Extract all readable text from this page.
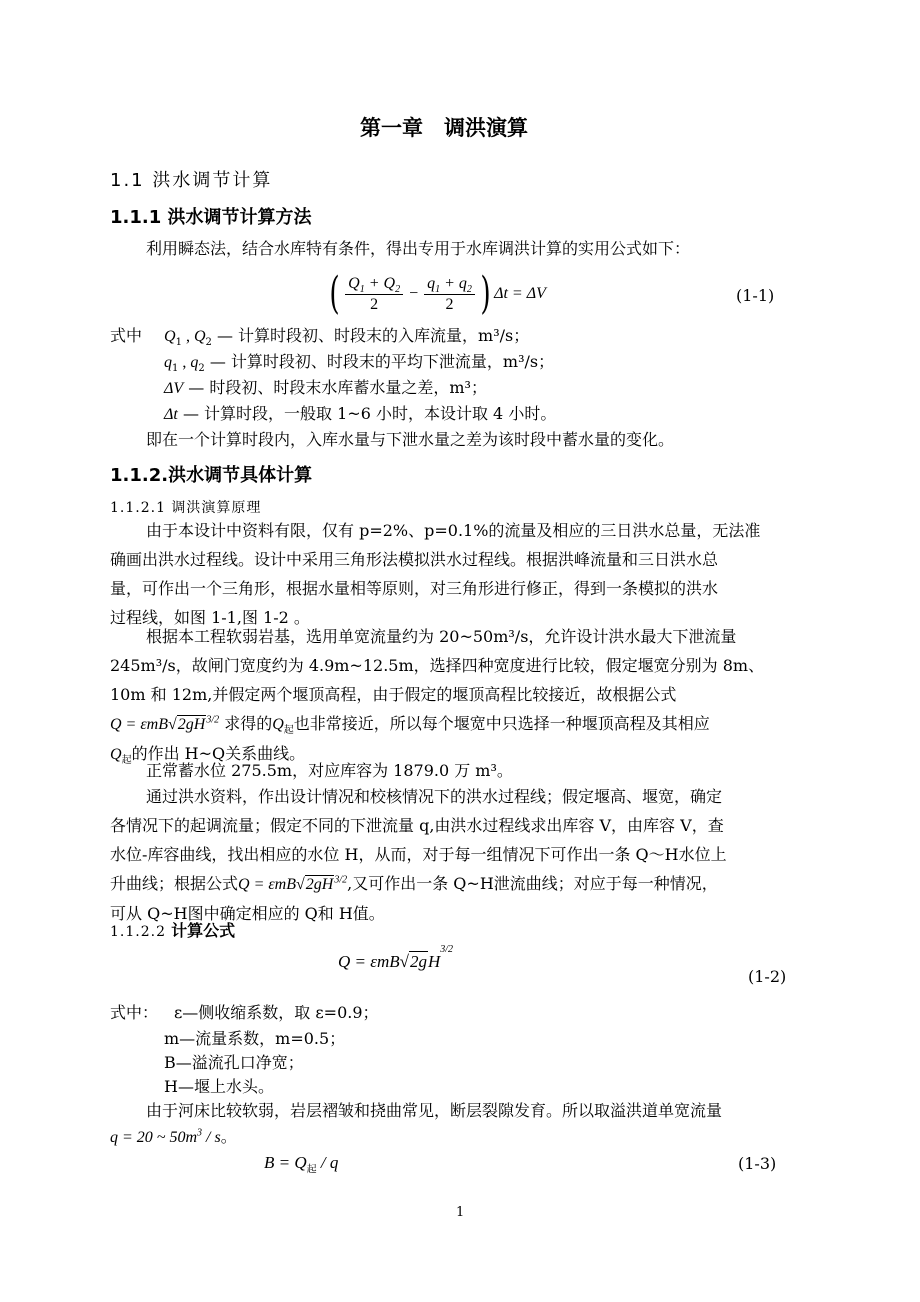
第一章　调洪演算
1.1 洪水调节计算
1.1.1 洪水调节计算方法
利用瞬态法，结合水库特有条件，得出专用于水库调洪计算的实用公式如下：
( $\frac{Q_1 + Q_2}{2} - \frac{q_1 + q_2}{2}$ ) Δt = ΔV	(1-1)
式中 $Q_1$ , $Q_2$ — 计算时段初、时段末的入库流量，m³/s；
$q_1$ , $q_2$ — 计算时段初、时段末的平均下泄流量，m³/s；
ΔV — 时段初、时段末水库蓄水量之差，m³；
Δt — 计算时段，一般取 1~6 小时，本设计取 4 小时。
即在一个计算时段内，入库水量与下泄水量之差为该时段中蓄水量的变化。
1.1.2.洪水调节具体计算
1.1.2.1 调洪演算原理
由于本设计中资料有限，仅有 p=2%、p=0.1%的流量及相应的三日洪水总量，无法准
确画出洪水过程线。设计中采用三角形法模拟洪水过程线。根据洪峰流量和三日洪水总
量，可作出一个三角形，根据水量相等原则，对三角形进行修正，得到一条模拟的洪水
过程线，如图 1-1,图 1-2 。
根据本工程软弱岩基，选用单宽流量约为 20~50m³/s，允许设计洪水最大下泄流量
245m³/s，故闸门宽度约为 4.9m~12.5m，选择四种宽度进行比较，假定堰宽分别为 8m、
10m 和 12m,并假定两个堰顶高程，由于假定的堰顶高程比较接近，故根据公式
$Q = \varepsilon mB√2gH^{3/2}$ 求得的$Q_起$也非常接近，所以每个堰宽中只选择一种堰顶高程及其相应
$Q_起$的作出 H~Q关系曲线。
正常蓄水位 275.5m，对应库容为 1879.0 万 m³。
通过洪水资料，作出设计情况和校核情况下的洪水过程线；假定堰高、堰宽，确定
各情况下的起调流量；假定不同的下泄流量 q,由洪水过程线求出库容 V，由库容 V，查
水位-库容曲线，找出相应的水位 H，从而，对于每一组情况下可作出一条 Q～H水位上
升曲线；根据公式$Q = \varepsilon mB√2gH^{3/2}$,又可作出一条 Q~H泄流曲线；对应于每一种情况，
可从 Q~H图中确定相应的 Q和 H值。
1.1.2.2 计算公式
$Q = \varepsilon mB√2gH^{3/2}$
(1-2)
式中： ε—侧收缩系数，取 ε=0.9；
m—流量系数，m=0.5；
B—溢流孔口净宽；
H—堰上水头。
由于河床比较软弱，岩层褶皱和挠曲常见，断层裂隙发育。所以取溢洪道单宽流量
q = 20 ~ $50m^3$ / s。
$B = Q_起 / q$	(1-3)
1
